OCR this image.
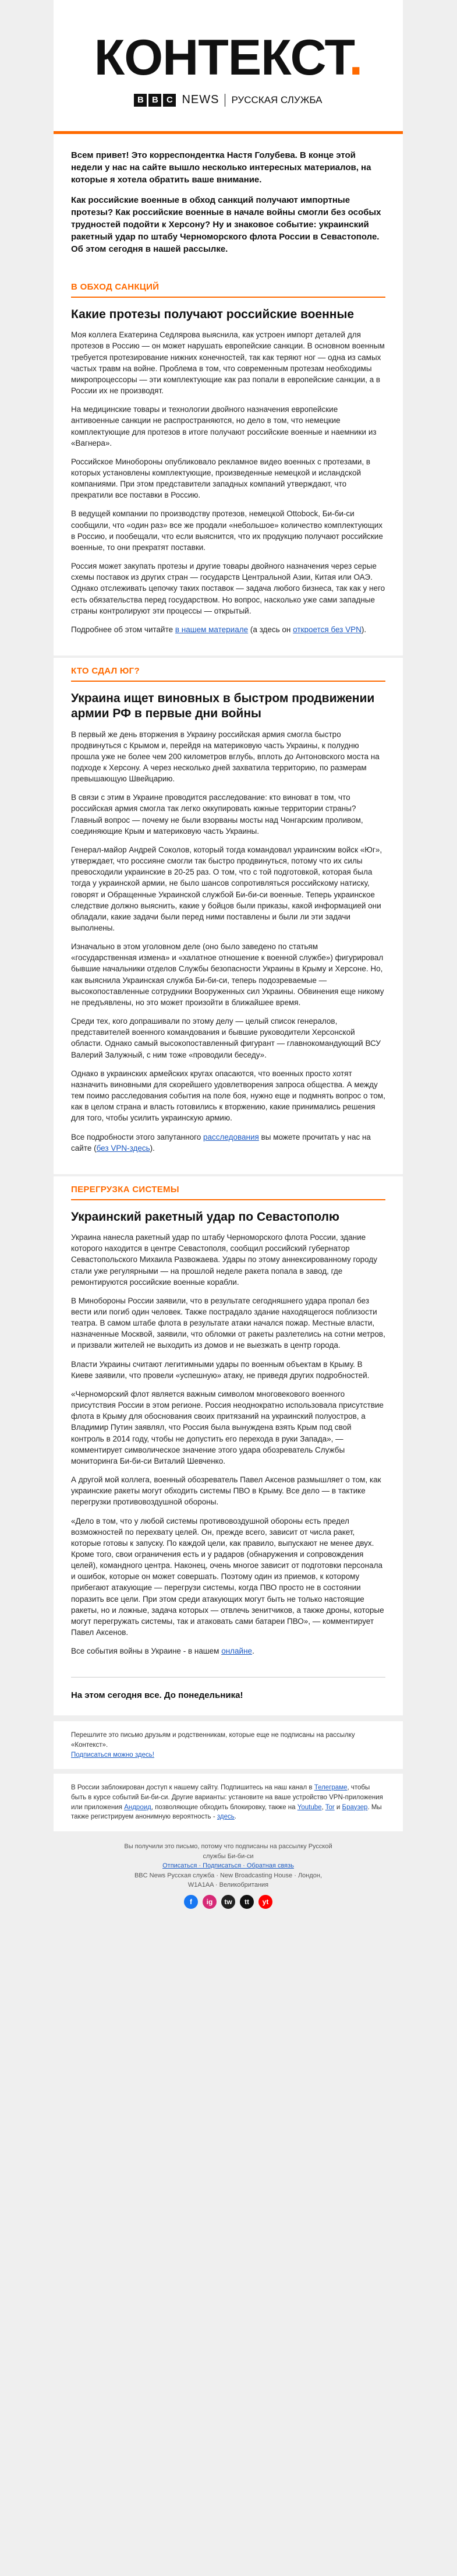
КОНТЕКСТ.
B B C NEWS РУССКАЯ СЛУЖБА

Всем привет! Это корреспондентка Настя Голубева. В конце этой недели у нас на сайте вышло несколько интересных материалов, на которые я хотела обратить ваше внимание.

Как российские военные в обход санкций получают импортные протезы? Как российские военные в начале войны смогли без особых трудностей подойти к Херсону? Ну и знаковое событие: украинский ракетный удар по штабу Черноморского флота России в Севастополе. Об этом сегодня в нашей рассылке.

В ОБХОД САНКЦИЙ
Какие протезы получают российские военные

Моя коллега Екатерина Седлярова выяснила, как устроен импорт деталей для протезов в Россию — он может нарушать европейские санкции. В основном военным требуется протезирование нижних конечностей, так как теряют ног — одна из самых частых травм на войне. Проблема в том, что современным протезам необходимы микропроцессоры — эти комплектующие как раз попали в европейские санкции, а в России их не производят.

На медицинские товары и технологии двойного назначения европейские антивоенные санкции не распространяются, но дело в том, что немецкие комплектующие для протезов в итоге получают российские военные и наемники из «Вагнера».

Российское Минобороны опубликовало рекламное видео военных с протезами, в которых установлены комплектующие, произведенные немецкой и исландской компаниями. При этом представители западных компаний утверждают, что прекратили все поставки в Россию.

В ведущей компании по производству протезов, немецкой Ottobock, Би-би-си сообщили, что «один раз» все же продали «небольшое» количество комплектующих в Россию, и пообещали, что если выяснится, что их продукцию получают российские военные, то они прекратят поставки.

Россия может закупать протезы и другие товары двойного назначения через серые схемы поставок из других стран — государств Центральной Азии, Китая или ОАЭ. Однако отслеживать цепочку таких поставок — задача любого бизнеса, так как у него есть обязательства перед государством. Но вопрос, насколько уже сами западные страны контролируют эти процессы — открытый.

Подробнее об этом читайте в нашем материале (а здесь он откроется без VPN).

КТО СДАЛ ЮГ?
Украина ищет виновных в быстром продвижении армии РФ в первые дни войны

В первый же день вторжения в Украину российская армия смогла быстро продвинуться с Крымом и, перейдя на материковую часть Украины, к полудню прошла уже не более чем 200 километров вглубь, вплоть до Антоновского моста на подходе к Херсону. А через несколько дней захватила территорию, по размерам превышающую Швейцарию.

В связи с этим в Украине проводится расследование: кто виноват в том, что российская армия смогла так легко оккупировать южные территории страны? Главный вопрос — почему не были взорваны мосты над Чонгарским проливом, соединяющие Крым и материковую часть Украины.

Генерал-майор Андрей Соколов, который тогда командовал украинским войск «Юг», утверждает, что россияне смогли так быстро продвинуться, потому что их силы превосходили украинские в 20-25 раз. О том, что с той подготовкой, которая была тогда у украинской армии, не было шансов сопротивляться российскому натиску, говорят и Обращенные Украинской службой Би-би-си военные. Теперь украинское следствие должно выяснить, какие у бойцов были приказы, какой информацией они обладали, какие задачи были перед ними поставлены и были ли эти задачи выполнены.

Изначально в этом уголовном деле (оно было заведено по статьям «государственная измена» и «халатное отношение к военной службе») фигурировал бывшие начальники отделов Службы безопасности Украины в Крыму и Херсоне. Но, как выяснила Украинская служба Би-би-си, теперь подозреваемые — высокопоставленные сотрудники Вооруженных сил Украины. Обвинения еще никому не предъявлены, но это может произойти в ближайшее время.

Среди тех, кого допрашивали по этому делу — целый список генералов, представителей военного командования и бывшие руководители Херсонской области. Однако самый высокопоставленный фигурант — главнокомандующий ВСУ Валерий Залужный, с ним тоже «проводили беседу».

Однако в украинских армейских кругах опасаются, что военных просто хотят назначить виновными для скорейшего удовлетворения запроса общества. А между тем поимо расследования события на поле боя, нужно еще и подмнять вопрос о том, как в целом страна и власть готовились к вторжению, какие принимались решения для того, чтобы усилить украинскую армию.

Все подробности этого запутанного расследования вы можете прочитать у нас на сайте (без VPN-здесь).

ПЕРЕГРУЗКА СИСТЕМЫ
Украинский ракетный удар по Севастополю

Украина нанесла ракетный удар по штабу Черноморского флота России, здание которого находится в центре Севастополя, сообщил российский губернатор Севастопольского Михаила Развожаева. Удары по этому аннексированному городу стали уже регулярными — на прошлой неделе ракета попала в завод, где ремонтируются российские военные корабли.

В Минобороны России заявили, что в результате сегодняшнего удара пропал без вести или погиб один человек. Также пострадало здание находящегося поблизости театра. В самом штабе флота в результате атаки начался пожар. Местные власти, назначенные Москвой, заявили, что обломки от ракеты разлетелись на сотни метров, и призвали жителей не выходить из домов и не выезжать в центр города.

Власти Украины считают легитимными удары по военным объектам в Крыму. В Киеве заявили, что провели «успешную» атаку, не приведя других подробностей.

«Черноморский флот является важным символом многовекового военного присутствия России в этом регионе. Россия неоднократно использовала присутствие флота в Крыму для обоснования своих притязаний на украинский полуостров, а Владимир Путин заявлял, что Россия была вынуждена взять Крым под свой контроль в 2014 году, чтобы не допустить его перехода в руки Запада», — комментирует символическое значение этого удара обозреватель Службы мониторинга Би-би-си Виталий Шевченко.

А другой мой коллега, военный обозреватель Павел Аксенов размышляет о том, как украинские ракеты могут обходить системы ПВО в Крыму. Все дело — в тактике перегрузки противовоздушной обороны.

«Дело в том, что у любой системы противовоздушной обороны есть предел возможностей по перехвату целей. Он, прежде всего, зависит от числа ракет, которые готовы к запуску. По каждой цели, как правило, выпускают не менее двух. Кроме того, свои ограничения есть и у радаров (обнаружения и сопровождения целей), командного центра. Наконец, очень многое зависит от подготовки персонала и ошибок, которые он может совершать. Поэтому один из приемов, к которому прибегают атакующие — перегрузи системы, когда ПВО просто не в состоянии поразить все цели. При этом среди атакующих могут быть не только настоящие ракеты, но и ложные, задача которых — отвлечь зенитчиков, а также дроны, которые могут перегружать системы, так и атаковать сами батареи ПВО», — комментирует Павел Аксенов.

Все события войны в Украине - в нашем онлайне.

На этом сегодня все. До понедельника!
Перешлите это письмо друзьям и родственникам, которые еще не подписаны на рассылку «Контекст».
Подписаться можно здесь!
В России заблокирован доступ к нашему сайту. Подпишитесь на наш канал в Телеграме, чтобы быть в курсе событий Би-би-си. Другие варианты: установите на ваше устройство VPN-приложения или приложения Андроид, позволяющие обходить блокировку, также на Youtube, Tor и Браузер. Мы также регистрируем анонимную вероятность - здесь.
Вы получили это письмо, потому что подписаны на рассылку Русской службы Би-би-си
Отписаться · Подписаться · Обратная связь
BBC News Русская служба · New Broadcasting House · Лондон, W1A1AA · Великобритания
f	ig	tw	tt	yt
